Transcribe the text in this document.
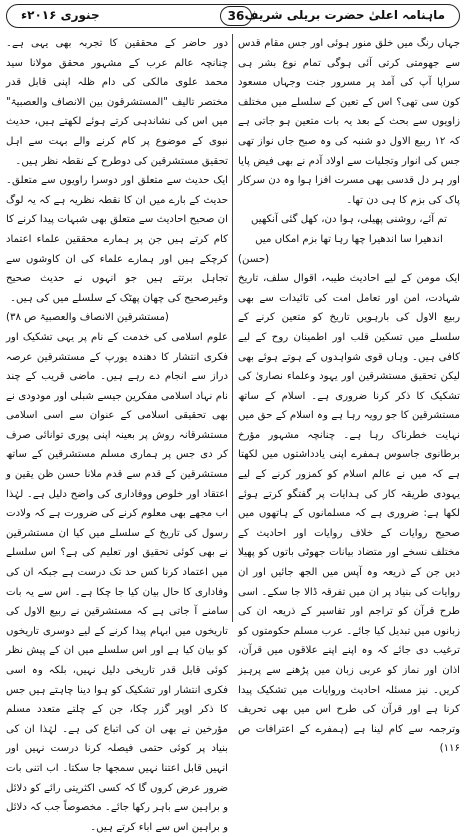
جنوری ۲۰۱۶ء	36 ماہنامہ اعلیٰ حضرت بریلی شریف

جہاں رنگ میں خلق منور ہوئی اور جس مقام قدس سے جھومتی کرتی آئی ہوگی تمام نوع بشر ہی سراپا آپ کی آمد پر مسرور جنت وجہاں مسعود کون سی تھی؟ اس کے تعین کے سلسلے میں مختلف زاویوں سے بحث کے بعد یہ بات متعین ہو جاتی ہے کہ ۱۲ ربیع الاول دو شنبہ کی وہ صبح جاں نواز تھی جس کی انوار وتجلیات سے اولاد آدم نے بھی فیض پایا اور ہر دل قدسی بھی مسرت افزا ہوا وہ دن سرکار پاک کی بزم کا ہی دن تھا۔

تم آئے، روشنی پھیلی، ہوا دن، کھل گئی آنکھیں

اندھیرا سا اندھیرا چھا رہا تھا بزم امکاں میں

(حسن)

ایک مومن کے لیے احادیث طیبہ، اقوال سلف، تاریخ شہادت، امن اور تعامل امت کی تائیدات سے بھی ربیع الاول کی بارہویں تاریخ کو متعین کرنے کے سلسلے میں تسکین قلب اور اطمینان روح کے لیے کافی ہیں۔ وہاں قوی شواہدوں کے ہوتے ہوئے بھی لیکن تحقیق مستشرقین اور یہود وعلماء نصاریٰ کی تشکیک کا ذکر کرنا ضروری ہے۔ اسلام کے ساتھ مستشرقین کا جو رویہ رہا ہے وہ اسلام کے حق میں نہایت خطرناک رہا ہے۔ چنانچہ مشہور مؤرخ برطانوی جاسوس ہمفرے اپنی یادداشتوں میں لکھتا ہے کہ میں نے عالم اسلام کو کمزور کرنے کے لیے یہودی طریقہ کار کی ہدایات پر گفتگو کرتے ہوئے لکھا ہے: ضروری ہے کہ مسلمانوں کے ہاتھوں میں صحیح روایات کے خلاف روایات اور احادیث کے مختلف نسخے اور متضاد بیانات جھوٹی باتوں کو پھیلا دیں جن کے ذریعہ وہ آپس میں الجھ جائیں اور ان روایات کی بنیاد پر ان میں تفرقہ ڈالا جا سکے۔ اسی طرح قرآن کو تراجم اور تفاسیر کے ذریعہ ان کی زبانوں میں تبدیل کیا جائے۔ عرب مسلم حکومتوں کو ترغیب دی جائے کہ وہ اپنے اپنے علاقوں میں قرآن، اذان اور نماز کو عربی زبان میں پڑھنے سے پرہیز کریں۔ نیز مسئلہ احادیث وروایات میں تشکیک پیدا کرنا ہے اور قرآن کی طرح اس میں بھی تحریف وترجمہ سے کام لینا ہے (ہمفرے کے اعترافات ص ۱۱۶)

دور حاضر کے محققین کا تجربہ بھی یہی ہے۔ چنانچہ عالم عرب کے مشہور محقق مولانا سید محمد علوی مالکی کی دام ظلہ اپنی قابل قدر مختصر تالیف "المستشرقون بین الانصاف والعصبیۃ" میں اس کی نشاندہی کرتے ہوئے لکھتے ہیں، حدیث نبوی کے موضوع پر کام کرنے والے بہت سے اہل تحقیق مستشرقین کی دوطرح کے نقطہ نظر ہیں۔

ایک حدیث سے متعلق اور دوسرا راویوں سے متعلق۔ حدیث کے بارے میں ان کا نقطہ نظریہ ہے کہ یہ لوگ ان صحیح احادیث سے متعلق بھی شبہات پیدا کرنے کا کام کرتے ہیں جن پر ہمارے محققین علماء اعتماد کرچکے ہیں اور ہمارے علماء کی ان کاوشوں سے تجاہل برتتے ہیں جو انہوں نے حدیث صحیح وغیرصحیح کی چھان پھٹک کے سلسلے میں کی ہیں۔

(مستشرقین الانصاف والعصبیۃ ص ۳۸)

علوم اسلامی کی خدمت کے نام پر یہی تشکیک اور فکری انتشار کا دھندہ یورپ کے مستشرقین عرصہ دراز سے انجام دے رہے ہیں۔ ماضی قریب کے چند نام نہاد اسلامی مفکرین جیسے شبلی اور مودودی نے بھی تحقیقی اسلامی کے عنوان سے اسی اسلامی مستشرقانہ روش پر بعینہ اپنی پوری توانائی صرف کر دی جس پر ہماری مسلم مستشرقین کے ساتھ مستشرقین کے قدم سے قدم ملانا حسن ظن یقین و اعتقاد اور خلوص ووفاداری کی واضح دلیل ہے۔ لہٰذا اب مجھے بھی معلوم کرنے کی ضرورت ہے کہ ولادت رسول کی تاریخ کے سلسلے میں کیا ان مستشرقین نے بھی کوئی تحقیق اور تعلیم کی ہے؟ اس سلسلے میں اعتماد کرنا کس حد تک درست ہے جبکہ ان کی وفاداری کا حال بیان کیا جا چکا ہے۔ اس سے یہ بات سامنے آ جاتی ہے کہ مستشرقین نے ربیع الاول کی تاریخوں میں ابہام پیدا کرنے کے لیے دوسری تاریخوں کو بیان کیا ہے اور اس سلسلے میں ان کے پیش نظر کوئی قابل قدر تاریخی دلیل نہیں، بلکہ وہ اسی فکری انتشار اور تشکیک کو ہوا دینا چاہتے ہیں جس کا ذکر اوپر گزر چکا، جن کے چلتے متعدد مسلم مؤرخین نے بھی ان کی اتباع کی ہے۔ لہٰذا ان کی بنیاد پر کوئی حتمی فیصلہ کرنا درست نہیں اور انہیں قابل اعتنا نہیں سمجھا جا سکتا۔ اب اتنی بات ضرور عرض کروں گا کہ کسی اکثریتی رائے کو دلائل و براہین سے باہر رکھا جائے۔ مخصوصاً جب کہ دلائل و براہین اس سے اباء کرتے ہیں۔
